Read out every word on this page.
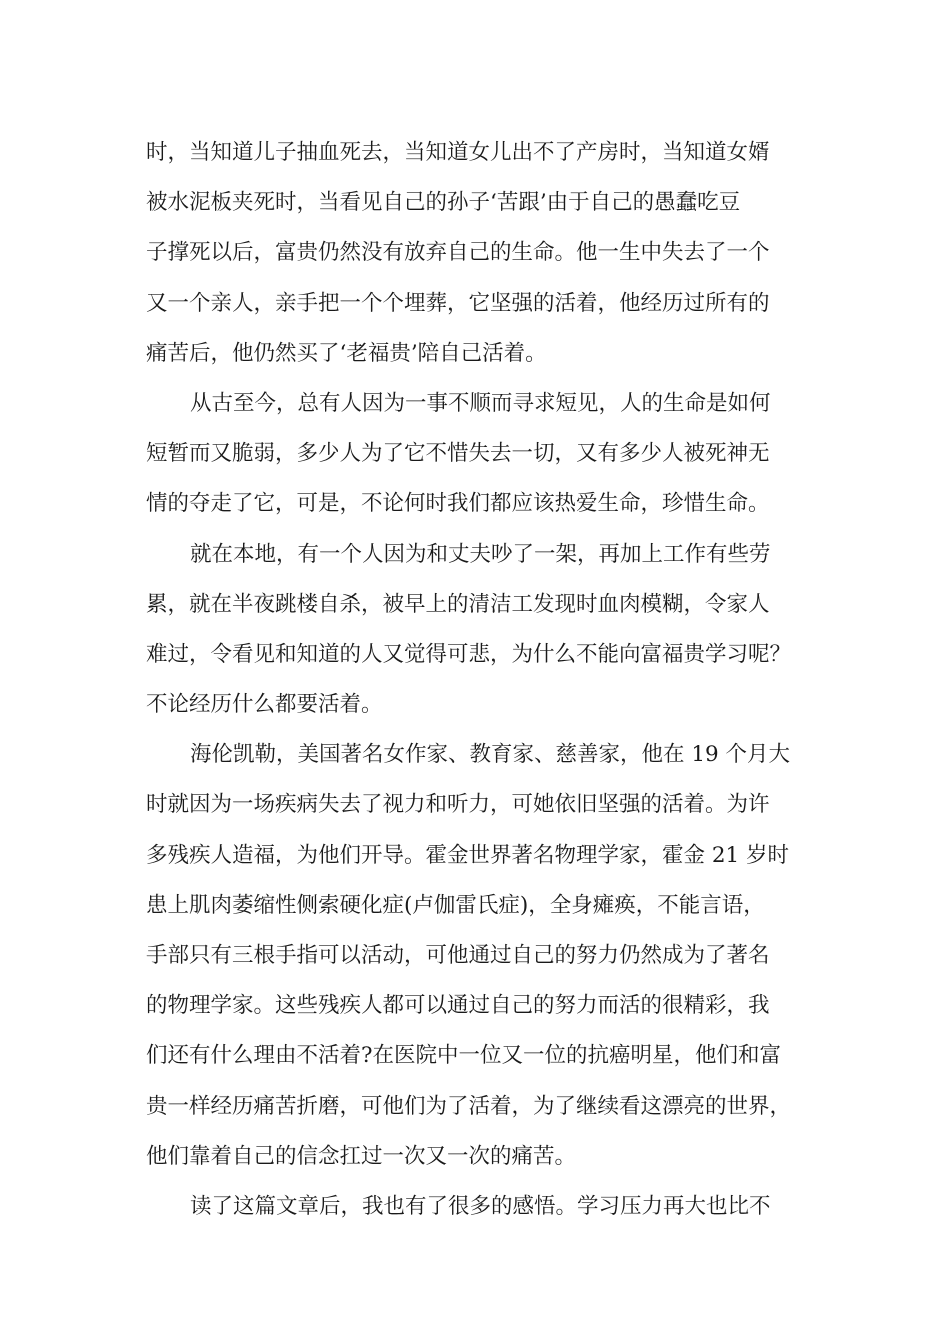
时，当知道儿子抽血死去，当知道女儿出不了产房时，当知道女婿
被水泥板夹死时，当看见自己的孙子‘苦跟’由于自己的愚蠢吃豆
子撑死以后，富贵仍然没有放弃自己的生命。他一生中失去了一个
又一个亲人，亲手把一个个埋葬，它坚强的活着，他经历过所有的
痛苦后，他仍然买了‘老福贵’陪自己活着。
从古至今，总有人因为一事不顺而寻求短见，人的生命是如何
短暂而又脆弱，多少人为了它不惜失去一切，又有多少人被死神无
情的夺走了它，可是，不论何时我们都应该热爱生命，珍惜生命。
就在本地，有一个人因为和丈夫吵了一架，再加上工作有些劳
累，就在半夜跳楼自杀，被早上的清洁工发现时血肉模糊，令家人
难过，令看见和知道的人又觉得可悲，为什么不能向富福贵学习呢？
不论经历什么都要活着。
海伦凯勒，美国著名女作家、教育家、慈善家，他在 19 个月大
时就因为一场疾病失去了视力和听力，可她依旧坚强的活着。为许
多残疾人造福，为他们开导。霍金世界著名物理学家，霍金 21 岁时
患上肌肉萎缩性侧索硬化症(卢伽雷氏症)，全身瘫痪，不能言语，
手部只有三根手指可以活动，可他通过自己的努力仍然成为了著名
的物理学家。这些残疾人都可以通过自己的努力而活的很精彩，我
们还有什么理由不活着?在医院中一位又一位的抗癌明星，他们和富
贵一样经历痛苦折磨，可他们为了活着，为了继续看这漂亮的世界，
他们靠着自己的信念扛过一次又一次的痛苦。
读了这篇文章后，我也有了很多的感悟。学习压力再大也比不
